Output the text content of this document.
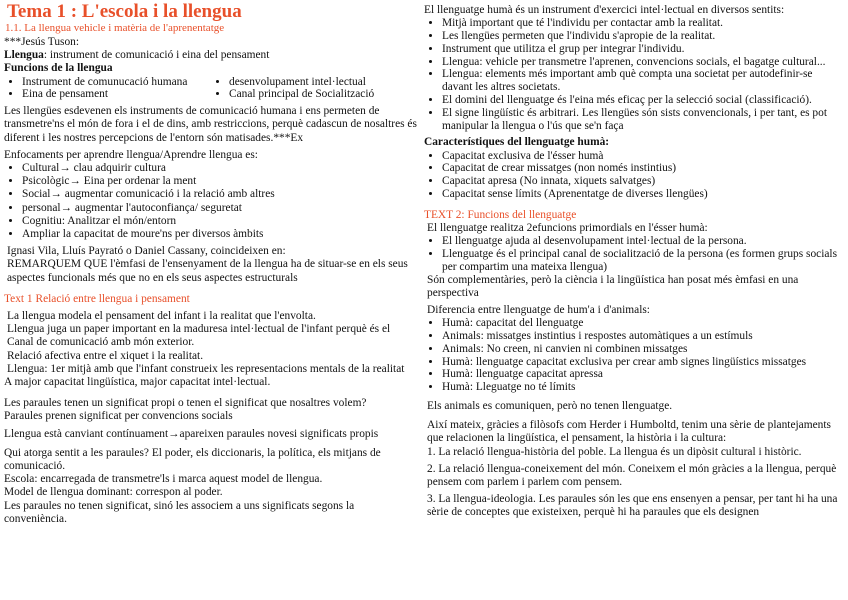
Tema 1 : L'escola i la llengua

1.1. La llengua vehicle i matèria de l'aprenentatge

***Jesús Tuson:

Llengua: instrument de comunicació i eina del pensament

Funcions de la llengua

• Instrument de comunucació humana
• Eina de pensament
• desenvolupament intel·lectual
• Canal principal de Socialització

Les llengües esdevenen els instruments de comunicació humana i ens permeten de transmetre'ns el món de fora i el de dins, amb restriccions, perquè cadascun de nosaltres és diferent i les nostres percepcions de l'entorn són matisades.***Ex

Enfocaments per aprendre llengua/Aprendre llengua es:

• Cultural→ clau adquirir cultura
• Psicològic→ Eina per ordenar la ment
• Social→ augmentar comunicació i la relació amb altres
• personal→ augmentar l'autoconfiança/ seguretat
• Cognitiu: Analitzar el món/entorn
• Ampliar la capacitat de moure'ns per diversos àmbits

Ignasi Vila, Lluís Payrató o Daniel Cassany, coincideixen en:

REMARQUEM QUE l'èmfasi de l'ensenyament de la llengua ha de situar-se en els seus aspectes funcionals més que no en els seus aspectes estructurals

Text 1 Relació entre llengua i pensament

La llengua modela el pensament del infant i la realitat que l'envolta.

Llengua juga un paper important en la maduresa intel·lectual de l'infant perquè és el Canal de comunicació amb món exterior.

Relació afectiva entre el xiquet i la realitat.

Llengua: 1er mitjà amb que l'infant construeix les representacions mentals de la realitat

A major capacitat lingüística, major capacitat intel·lectual.

Les paraules tenen un significat propi o tenen el significat que nosaltres volem?

Paraules prenen significat per convencions socials

Llengua està canviant contínuament→apareixen paraules novesi significats propis

Qui atorga sentit a les paraules? El poder, els diccionaris, la política, els mitjans de comunicació.

Escola: encarregada de transmetre'ls i marca aquest model de llengua.

Model de llengua dominant: correspon al poder.

Les paraules no tenen significat, sinó les associem a uns significats segons la conveniència.

El llenguatge humà és un instrument d'exercici intel·lectual en diversos sentits:

• Mitjà important que té l'individu per contactar amb la realitat.
• Les llengües permeten que l'individu s'apropie de la realitat.
• Instrument que utilitza el grup per integrar l'individu.
• Llengua: vehicle per transmetre l'aprenen, convencions socials, el bagatge cultural...
• Llengua: elements més important amb què compta una societat per autodefinir-se davant les altres societats.
• El domini del llenguatge és l'eina més eficaç per la selecció social (classificació).
• El signe lingüístic és arbitrari. Les llengües són sists convencionals, i per tant, es pot manipular la llengua o l'ús que se'n faça

Característiques del llenguatge humà:

• Capacitat exclusiva de l'ésser humà
• Capacitat de crear missatges (non només instintius)
• Capacitat apresa (No innata, xiquets salvatges)
• Capacitat sense límits (Aprenentatge de diverses llengües)

TEXT 2: Funcions del llenguatge

El llenguatge realitza 2efuncions primordials en l'ésser humà:

• El llenguatge ajuda al desenvolupament intel·lectual de la persona.
• Llenguatge és el principal canal de socialització de la persona (es formen grups socials per compartim una mateixa llengua)

Són complementàries, però la ciència i la lingüística han posat més èmfasi en una perspectiva

Diferencia entre llenguatge de hum'a i d'animals:

• Humà: capacitat del llenguatge
• Animals: missatges instintius i respostes automàtiques a un estímuls
• Animals: No creen, ni canvien ni combinen missatges
• Humà: llenguatge capacitat exclusiva per crear amb signes lingüístics missatges
• Humà: llenguatge capacitat apressa
• Humà: Lleguatge no té límits

Els animals es comuniquen, però no tenen llenguatge.

Així mateix, gràcies a filòsofs com Herder i Humboltd, tenim una sèrie de plantejaments que relacionen la lingüística, el pensament, la història i la cultura:

1. La relació llengua-història del poble. La llengua és un dipòsit cultural i històric.
2. La relació llengua-coneixement del món. Coneixem el món gràcies a la llengua, perquè pensem com parlem i parlem com pensem.
3. La llengua-ideologia. Les paraules són les que ens ensenyen a pensar, per tant hi ha una sèrie de conceptes que existeixen, perquè hi ha paraules que els designen
